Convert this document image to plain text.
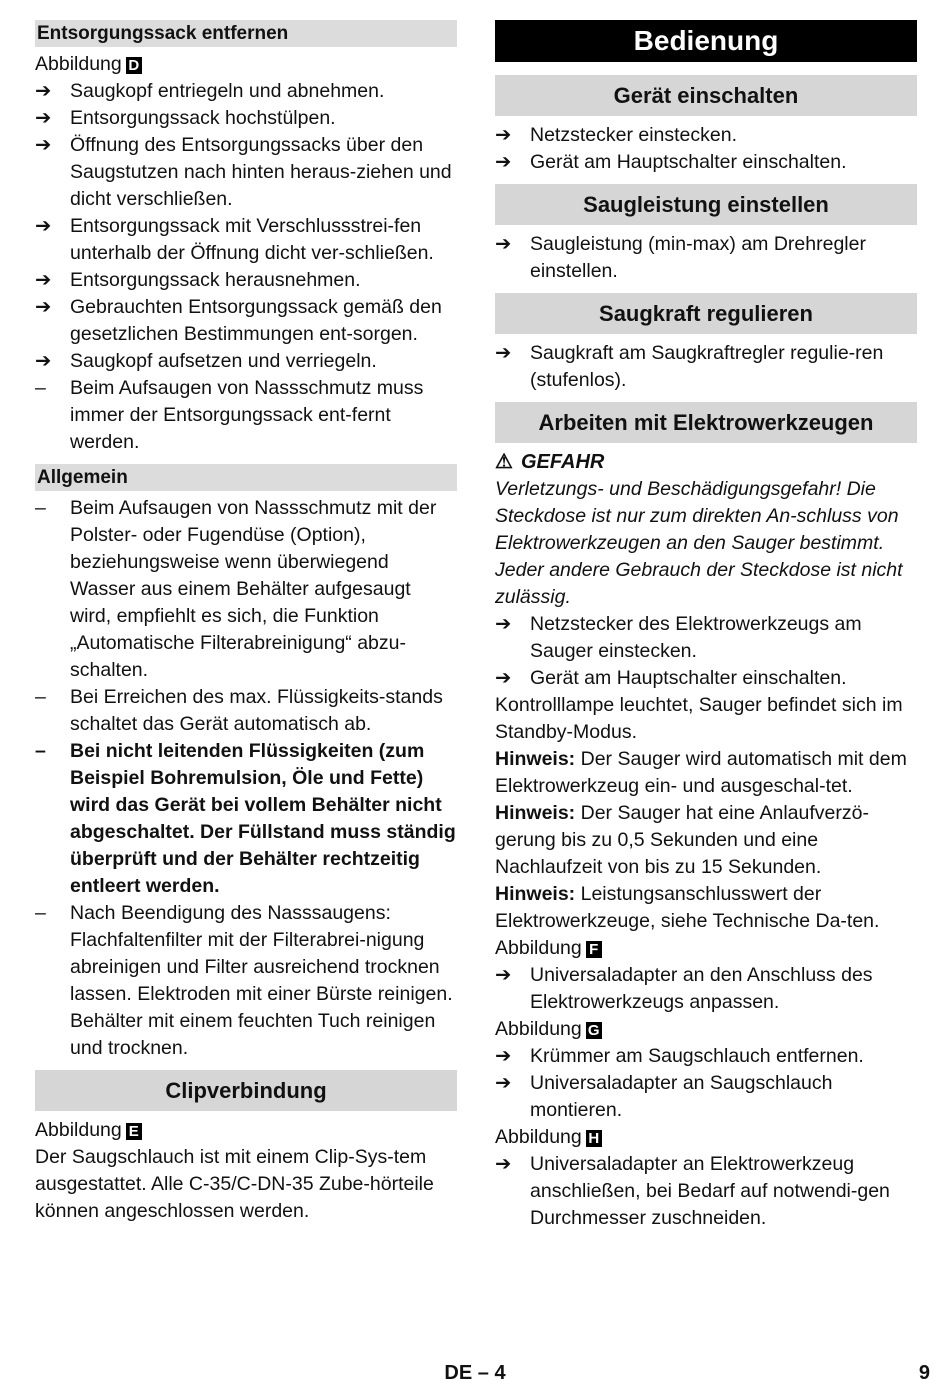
Entsorgungssack entfernen
Abbildung D
➔ Saugkopf entriegeln und abnehmen.
➔ Entsorgungssack hochstülpen.
➔ Öffnung des Entsorgungssacks über den Saugstutzen nach hinten heraus-ziehen und dicht verschließen.
➔ Entsorgungssack mit Verschlussstrei-fen unterhalb der Öffnung dicht ver-schließen.
➔ Entsorgungssack herausnehmen.
➔ Gebrauchten Entsorgungssack gemäß den gesetzlichen Bestimmungen ent-sorgen.
➔ Saugkopf aufsetzen und verriegeln.
–	Beim Aufsaugen von Nassschmutz muss immer der Entsorgungssack ent-fernt werden.
Allgemein
–	Beim Aufsaugen von Nassschmutz mit der Polster- oder Fugendüse (Option), beziehungsweise wenn überwiegend Wasser aus einem Behälter aufgesaugt wird, empfiehlt es sich, die Funktion „Automatische Filterabreinigung“ abzu-schalten.
–	Bei Erreichen des max. Flüssigkeits-stands schaltet das Gerät automatisch ab.
–	Bei nicht leitenden Flüssigkeiten (zum Beispiel Bohremulsion, Öle und Fette) wird das Gerät bei vollem Behälter nicht abgeschaltet. Der Füllstand muss ständig überprüft und der Behälter rechtzeitig entleert werden.
–	Nach Beendigung des Nasssaugens: Flachfaltenfilter mit der Filterabrei-nigung abreinigen und Filter ausreichend trocknen lassen. Elektroden mit einer Bürste reinigen. Behälter mit einem feuchten Tuch reinigen und trocknen.
Clipverbindung
Abbildung E
Der Saugschlauch ist mit einem Clip-Sys-tem ausgestattet. Alle C-35/C-DN-35 Zube-hörteile können angeschlossen werden.
Bedienung
Gerät einschalten
➔ Netzstecker einstecken.
➔ Gerät am Hauptschalter einschalten.
Saugleistung einstellen
➔ Saugleistung (min-max) am Drehregler einstellen.
Saugkraft regulieren
➔ Saugkraft am Saugkraftregler regulie-ren (stufenlos).
Arbeiten mit Elektrowerkzeugen
⚠ GEFAHR
Verletzungs- und Beschädigungsgefahr! Die Steckdose ist nur zum direkten An-schluss von Elektrowerkzeugen an den Sauger bestimmt. Jeder andere Gebrauch der Steckdose ist nicht zulässig.
➔ Netzstecker des Elektrowerkzeugs am Sauger einstecken.
➔ Gerät am Hauptschalter einschalten.
Kontrolllampe leuchtet, Sauger befindet sich im Standby-Modus.
Hinweis: Der Sauger wird automatisch mit dem Elektrowerkzeug ein- und ausgeschal-tet.
Hinweis: Der Sauger hat eine Anlaufverzö-gerung bis zu 0,5 Sekunden und eine Nachlaufzeit von bis zu 15 Sekunden.
Hinweis: Leistungsanschlusswert der Elektrowerkzeuge, siehe Technische Da-ten.
Abbildung F
➔ Universaladapter an den Anschluss des Elektrowerkzeugs anpassen.
Abbildung G
➔ Krümmer am Saugschlauch entfernen.
➔ Universaladapter an Saugschlauch montieren.
Abbildung H
➔ Universaladapter an Elektrowerkzeug anschließen, bei Bedarf auf notwendi-gen Durchmesser zuschneiden.
DE – 4	9
